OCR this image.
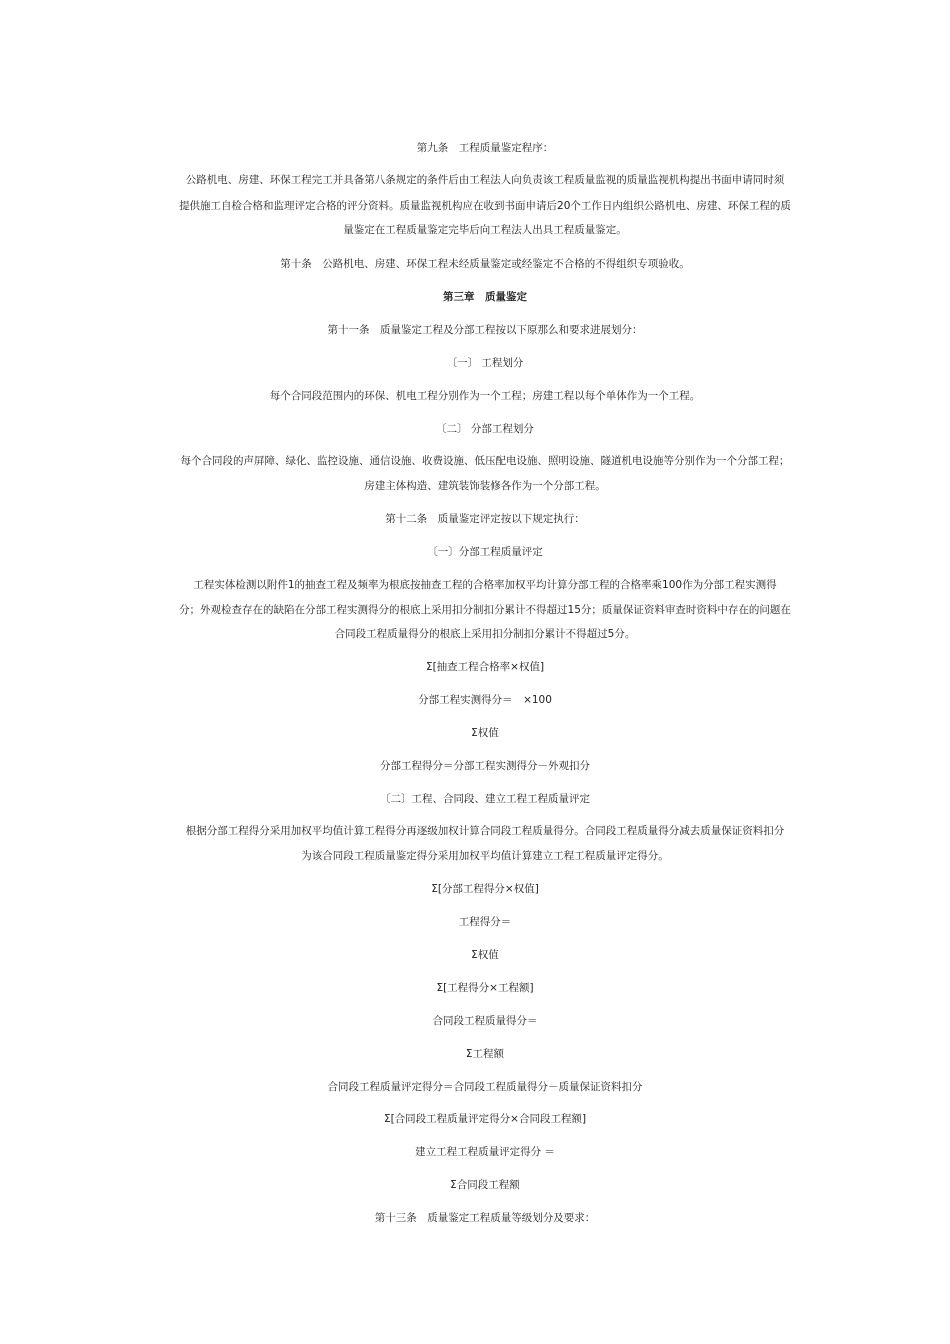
第九条　工程质量鉴定程序：

公路机电、房建、环保工程完工并具备第八条规定的条件后由工程法人向负责该工程质量监视的质量监视机构提出书面申请同时须

提供施工自检合格和监理评定合格的评分资料。质量监视机构应在收到书面申请后20个工作日内组织公路机电、房建、环保工程的质

量鉴定在工程质量鉴定完毕后向工程法人出具工程质量鉴定。

第十条　公路机电、房建、环保工程未经质量鉴定或经鉴定不合格的不得组织专项验收。

第三章　质量鉴定

第十一条　质量鉴定工程及分部工程按以下原那么和要求进展划分：

〔一〕 工程划分

每个合同段范围内的环保、机电工程分别作为一个工程；房建工程以每个单体作为一个工程。

〔二〕 分部工程划分

每个合同段的声屏障、绿化、监控设施、通信设施、收费设施、低压配电设施、照明设施、隧道机电设施等分别作为一个分部工程；

房建主体构造、建筑装饰装修各作为一个分部工程。

第十二条　质量鉴定评定按以下规定执行：

〔一〕分部工程质量评定

工程实体检测以附件1的抽查工程及频率为根底按抽查工程的合格率加权平均计算分部工程的合格率乘100作为分部工程实测得

分；外观检查存在的缺陷在分部工程实测得分的根底上采用扣分制扣分累计不得超过15分；质量保证资料审查时资料中存在的问题在

合同段工程质量得分的根底上采用扣分制扣分累计不得超过5分。

Σ[抽查工程合格率×权值]

分部工程实测得分＝　×100

Σ权值

分部工程得分＝分部工程实测得分－外观扣分

〔二〕工程、合同段、建立工程工程质量评定

根据分部工程得分采用加权平均值计算工程得分再逐级加权计算合同段工程质量得分。合同段工程质量得分减去质量保证资料扣分

为该合同段工程质量鉴定得分采用加权平均值计算建立工程工程质量评定得分。

Σ[分部工程得分×权值]

工程得分＝

Σ权值

Σ[工程得分×工程额]

合同段工程质量得分＝

Σ工程额

合同段工程质量评定得分＝合同段工程质量得分－质量保证资料扣分

Σ[合同段工程质量评定得分×合同段工程额]

建立工程工程质量评定得分 ＝

Σ合同段工程额

第十三条　质量鉴定工程质量等级划分及要求：
